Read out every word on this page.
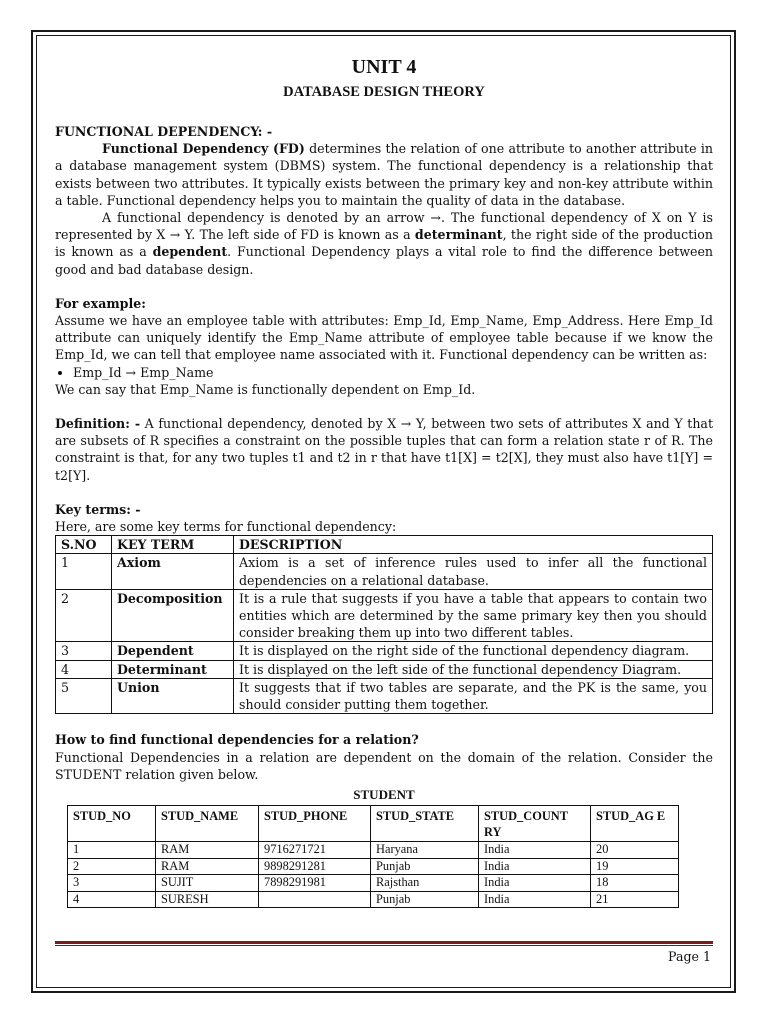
UNIT 4
DATABASE DESIGN THEORY

FUNCTIONAL DEPENDENCY: -

Functional Dependency (FD) determines the relation of one attribute to another attribute in a database management system (DBMS) system. The functional dependency is a relationship that exists between two attributes. It typically exists between the primary key and non-key attribute within a table. Functional dependency helps you to maintain the quality of data in the database.

A functional dependency is denoted by an arrow →. The functional dependency of X on Y is represented by X → Y. The left side of FD is known as a determinant, the right side of the production is known as a dependent. Functional Dependency plays a vital role to find the difference between good and bad database design.

For example:

Assume we have an employee table with attributes: Emp_Id, Emp_Name, Emp_Address. Here Emp_Id attribute can uniquely identify the Emp_Name attribute of employee table because if we know the Emp_Id, we can tell that employee name associated with it. Functional dependency can be written as:

• Emp_Id → Emp_Name

We can say that Emp_Name is functionally dependent on Emp_Id.

Definition: - A functional dependency, denoted by X → Y, between two sets of attributes X and Y that are subsets of R specifies a constraint on the possible tuples that can form a relation state r of R. The constraint is that, for any two tuples t1 and t2 in r that have t1[X] = t2[X], they must also have t1[Y] = t2[Y].

Key terms: -

Here, are some key terms for functional dependency:

S.NO	KEY TERM	DESCRIPTION
1	Axiom	Axiom is a set of inference rules used to infer all the functional dependencies on a relational database.
2	Decomposition	It is a rule that suggests if you have a table that appears to contain two entities which are determined by the same primary key then you should consider breaking them up into two different tables.
3	Dependent	It is displayed on the right side of the functional dependency diagram.
4	Determinant	It is displayed on the left side of the functional dependency Diagram.
5	Union	It suggests that if two tables are separate, and the PK is the same, you should consider putting them together.

How to find functional dependencies for a relation?

Functional Dependencies in a relation are dependent on the domain of the relation. Consider the STUDENT relation given below.

STUDENT
STUD_NO	STUD_NAME	STUD_PHONE	STUD_STATE	STUD_COUNT RY	STUD_AG E
1	RAM	9716271721	Haryana	India	20
2	RAM	9898291281	Punjab	India	19
3	SUJIT	7898291981	Rajsthan	India	18
4	SURESH		Punjab	India	21
Page 1
